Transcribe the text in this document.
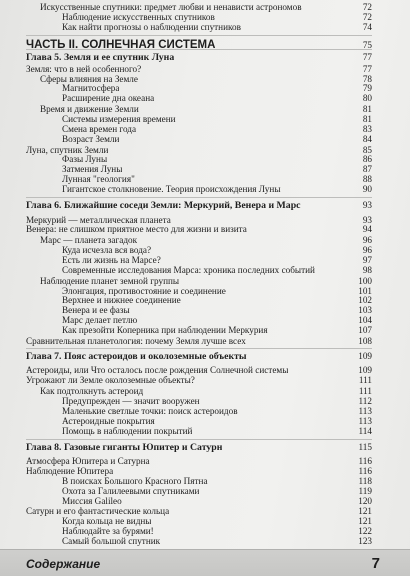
Искусственные спутники: предмет любви и ненависти астрономов	72
Наблюдение искусственных спутников	72
Как найти прогнозы о наблюдении спутников	74
ЧАСТЬ II. СОЛНЕЧНАЯ СИСТЕМА	75
Глава 5. Земля и ее спутник Луна	77
Земля: что в ней особенного?	77
Сферы влияния на Земле	78
Магнитосфера	79
Расширение дна океана	80
Время и движение Земли	81
Системы измерения времени	81
Смена времен года	83
Возраст Земли	84
Луна, спутник Земли	85
Фазы Луны	86
Затмения Луны	87
Лунная "геология"	88
Гигантское столкновение. Теория происхождения Луны	90
Глава 6. Ближайшие соседи Земли: Меркурий, Венера и Марс	93
Меркурий — металлическая планета	93
Венера: не слишком приятное место для жизни и визита	94
Марс — планета загадок	96
Куда исчезла вся вода?	96
Есть ли жизнь на Марсе?	97
Современные исследования Марса: хроника последних событий	98
Наблюдение планет земной группы	100
Элонгация, противостояние и соединение	101
Верхнее и нижнее соединение	102
Венера и ее фазы	103
Марс делает петлю	104
Как презойти Коперника при наблюдении Меркурия	107
Сравнительная планетология: почему Земля лучше всех	108
Глава 7. Пояс астероидов и околоземные объекты	109
Астероиды, или Что осталось после рождения Солнечной системы	109
Угрожают ли Земле околоземные объекты?	111
Как подтолкнуть астероид	111
Предупрежден — значит вооружен	112
Маленькие светлые точки: поиск астероидов	113
Астероидные покрытия	113
Помощь в наблюдении покрытий	114
Глава 8. Газовые гиганты Юпитер и Сатурн	115
Атмосфера Юпитера и Сатурна	116
Наблюдение Юпитера	116
В поисках Большого Красного Пятна	118
Охота за Галилеевыми спутниками	119
Миссия Galileo	120
Сатурн и его фантастические кольца	121
Когда кольца не видны	121
Наблюдайте за бурями!	122
Самый большой спутник	123
Содержание	7
